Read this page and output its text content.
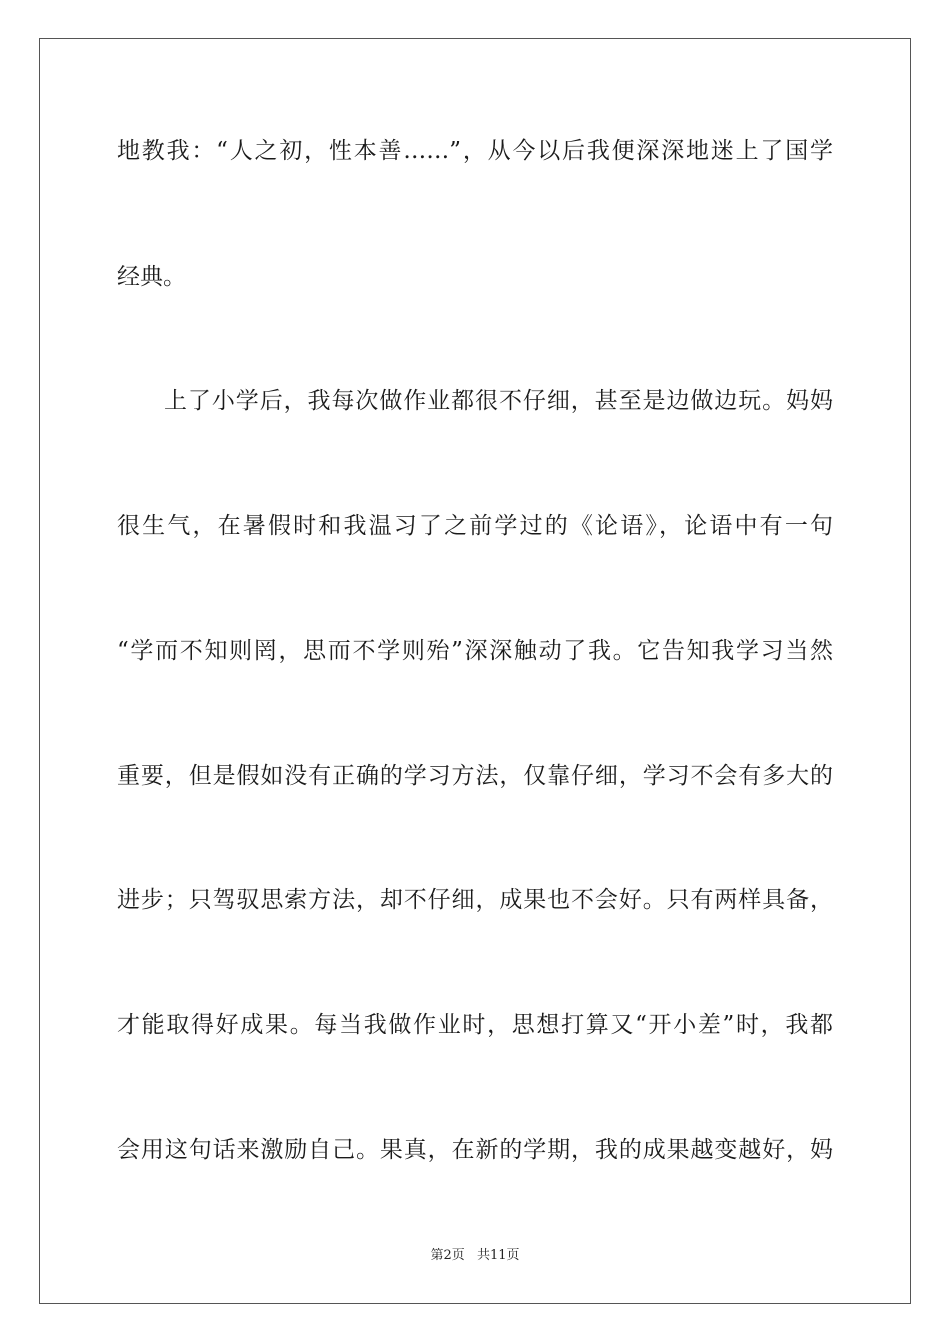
地教我：“人之初，性本善……”，从今以后我便深深地迷上了国学
经典。
上了小学后，我每次做作业都很不仔细，甚至是边做边玩。妈妈
很生气，在暑假时和我温习了之前学过的《论语》，论语中有一句
“学而不知则罔，思而不学则殆”深深触动了我。它告知我学习当然
重要，但是假如没有正确的学习方法，仅靠仔细，学习不会有多大的
进步；只驾驭思索方法，却不仔细，成果也不会好。只有两样具备，
才能取得好成果。每当我做作业时，思想打算又“开小差”时，我都
会用这句话来激励自己。果真，在新的学期，我的成果越变越好，妈
第2页 共11页
